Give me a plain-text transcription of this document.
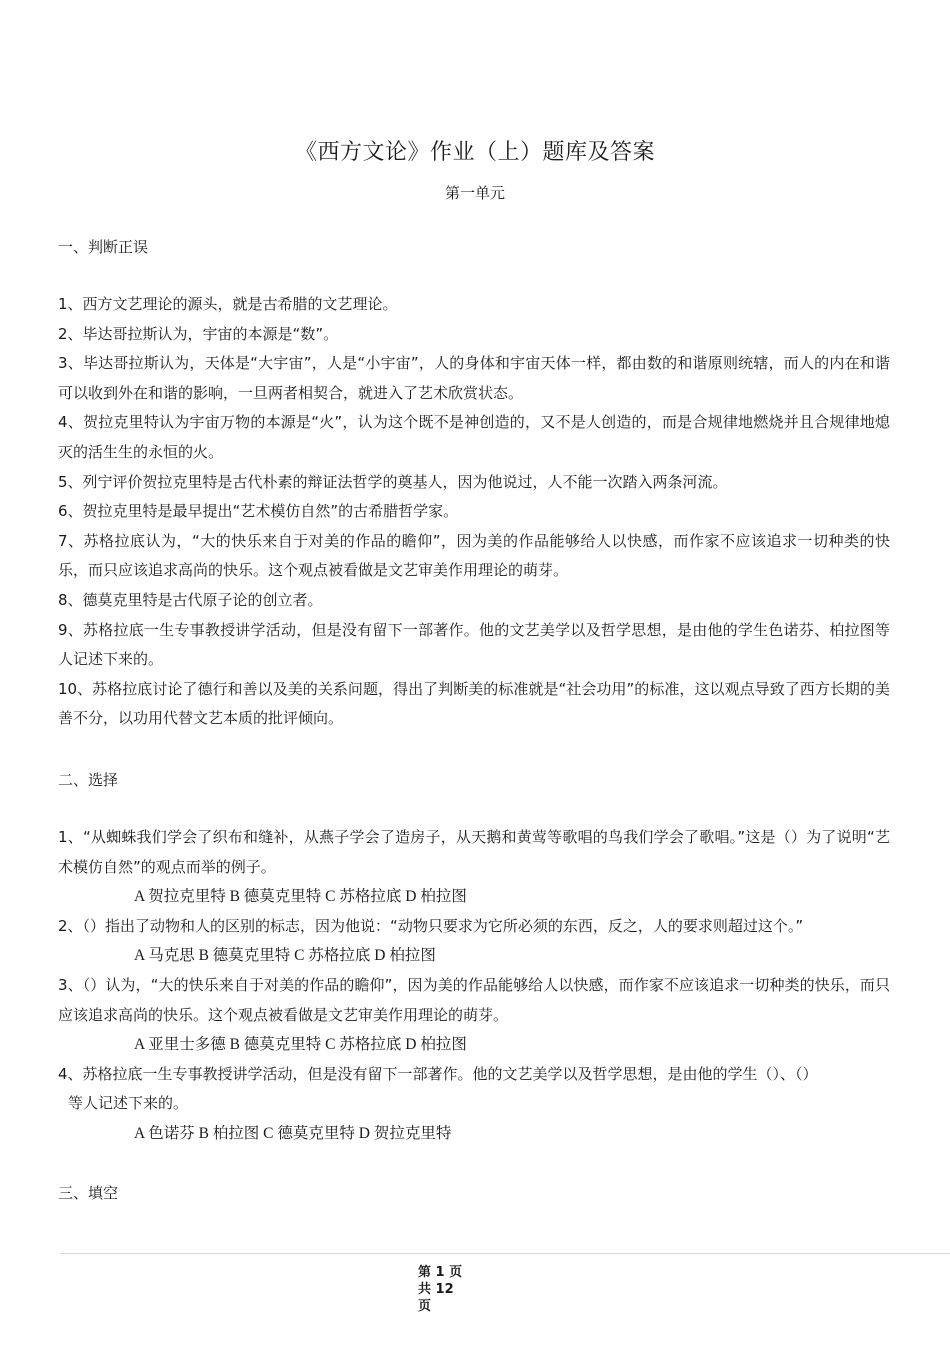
《西方文论》作业（上）题库及答案
第一单元
一、判断正误

1、西方文艺理论的源头，就是古希腊的文艺理论。

2、毕达哥拉斯认为，宇宙的本源是“数”。

3、毕达哥拉斯认为，天体是“大宇宙”，人是“小宇宙”，人的身体和宇宙天体一样，都由数的和谐原则统辖，而人的内在和谐可以收到外在和谐的影响，一旦两者相契合，就进入了艺术欣赏状态。

4、贺拉克里特认为宇宙万物的本源是“火”，认为这个既不是神创造的，又不是人创造的，而是合规律地燃烧并且合规律地熄灭的活生生的永恒的火。

5、列宁评价贺拉克里特是古代朴素的辩证法哲学的奠基人，因为他说过，人不能一次踏入两条河流。

6、贺拉克里特是最早提出“艺术模仿自然”的古希腊哲学家。

7、苏格拉底认为，“大的快乐来自于对美的作品的瞻仰”，因为美的作品能够给人以快感，而作家不应该追求一切种类的快乐，而只应该追求高尚的快乐。这个观点被看做是文艺审美作用理论的萌芽。

8、德莫克里特是古代原子论的创立者。

9、苏格拉底一生专事教授讲学活动，但是没有留下一部著作。他的文艺美学以及哲学思想，是由他的学生色诺芬、柏拉图等人记述下来的。

10、苏格拉底讨论了德行和善以及美的关系问题，得出了判断美的标准就是“社会功用”的标准，这以观点导致了西方长期的美善不分，以功用代替文艺本质的批评倾向。

二、选择

1、“从蜘蛛我们学会了织布和缝补，从燕子学会了造房子，从天鹅和黄莺等歌唱的鸟我们学会了歌唱。”这是（）为了说明“艺术模仿自然”的观点而举的例子。

A 贺拉克里特 B 德莫克里特 C 苏格拉底 D 柏拉图

2、（）指出了动物和人的区别的标志，因为他说：“动物只要求为它所必须的东西，反之，人的要求则超过这个。”

A 马克思 B 德莫克里特 C 苏格拉底 D 柏拉图

3、（）认为，“大的快乐来自于对美的作品的瞻仰”，因为美的作品能够给人以快感，而作家不应该追求一切种类的快乐，而只应该追求高尚的快乐。这个观点被看做是文艺审美作用理论的萌芽。

A 亚里士多德 B 德莫克里特 C 苏格拉底 D 柏拉图

4、苏格拉底一生专事教授讲学活动，但是没有留下一部著作。他的文艺美学以及哲学思想，是由他的学生（）、（）

等人记述下来的。

A 色诺芬 B 柏拉图 C 德莫克里特 D 贺拉克里特

三、填空
第 1 页
共 12
页
